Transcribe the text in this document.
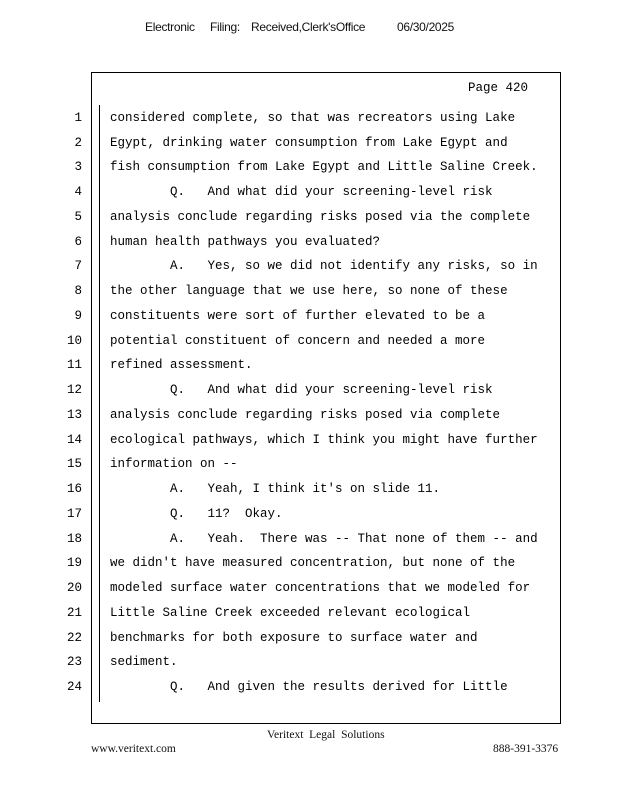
Electronic Filing: Received,Clerk'sOffice	06/30/2025
Page 420
1 considered complete, so that was recreators using Lake
2 Egypt, drinking water consumption from Lake Egypt and
3 fish consumption from Lake Egypt and Little Saline Creek.
4 Q.   And what did your screening-level risk
5 analysis conclude regarding risks posed via the complete
6 human health pathways you evaluated?
7 A.   Yes, so we did not identify any risks, so in
8 the other language that we use here, so none of these
9 constituents were sort of further elevated to be a
10 potential constituent of concern and needed a more
11 refined assessment.
12 Q.   And what did your screening-level risk
13 analysis conclude regarding risks posed via complete
14 ecological pathways, which I think you might have further
15 information on --
16 A.   Yeah, I think it's on slide 11.
17 Q.   11?  Okay.
18 A.   Yeah.  There was -- That none of them -- and
19 we didn't have measured concentration, but none of the
20 modeled surface water concentrations that we modeled for
21 Little Saline Creek exceeded relevant ecological
22 benchmarks for both exposure to surface water and
23 sediment.
24 Q.   And given the results derived for Little
Veritext  Legal  Solutions
www.veritext.com	888-391-3376
